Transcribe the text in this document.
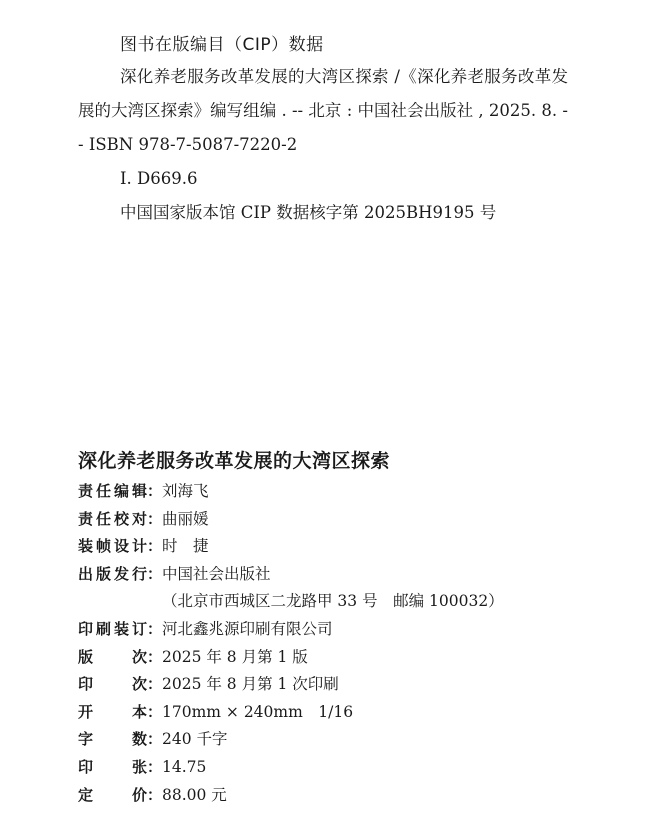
图书在版编目（CIP）数据

深化养老服务改革发展的大湾区探索 /《深化养老服务改革发展的大湾区探索》编写组编 . -- 北京 : 中国社会出版社 , 2025. 8. -- ISBN 978-7-5087-7220-2

Ⅰ. D669.6

中国国家版本馆 CIP 数据核字第 2025BH9195 号

深化养老服务改革发展的大湾区探索
责 任 编 辑 ： 刘海飞
责 任 校 对 ： 曲丽媛
装 帧 设 计 ： 时　捷
出 版 发 行 ： 中国社会出版社
（北京市西城区二龙路甲 33 号　邮编 100032）
印 刷 装 订 ： 河北鑫兆源印刷有限公司
版	次 ： 2025 年 8 月第 1 版
印	次 ： 2025 年 8 月第 1 次印刷
开	本 ： 170mm × 240mm　1/16
字	数 ： 240 千字
印	张 ： 14.75
定	价 ： 88.00 元
